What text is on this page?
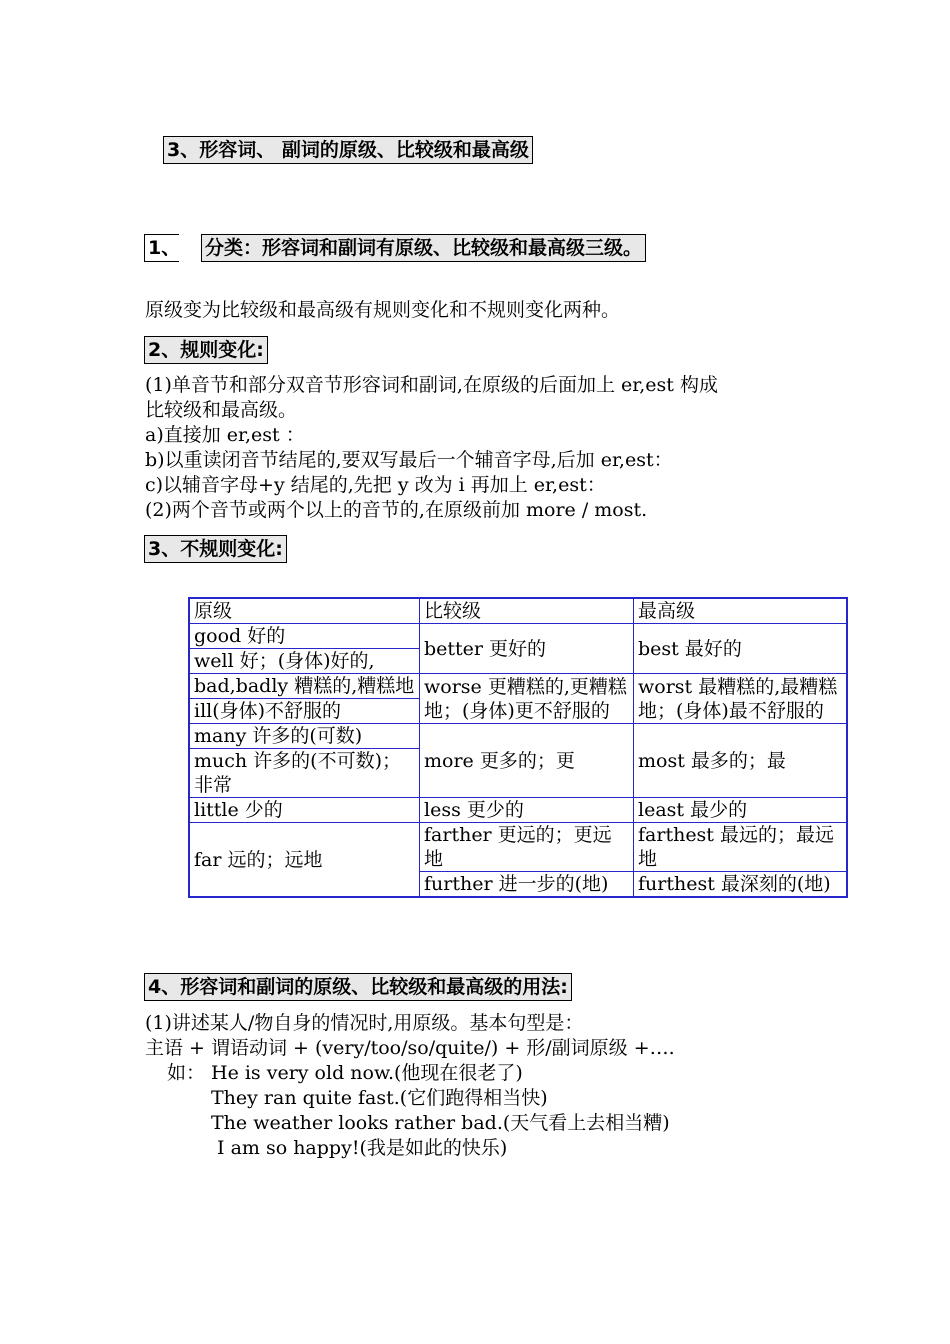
3、形容词、 副词的原级、比较级和最高级
1、 分类：形容词和副词有原级、比较级和最高级三级。
原级变为比较级和最高级有规则变化和不规则变化两种。
2、规则变化:
(1)单音节和部分双音节形容词和副词,在原级的后面加上 er,est 构成
比较级和最高级。
a)直接加 er,est ：
b)以重读闭音节结尾的,要双写最后一个辅音字母,后加 er,est：
c)以辅音字母+y 结尾的,先把 y 改为 i 再加上 er,est：
(2)两个音节或两个以上的音节的,在原级前加 more / most.
3、不规则变化:
原级	比较级	最高级
good 好的	better 更好的	best 最好的
well 好；(身体)好的,		
bad,badly 糟糕的,糟糕地	worse 更糟糕的,更糟糕地；(身体)更不舒服的	worst 最糟糕的,最糟糕地；(身体)最不舒服的
ill(身体)不舒服的		
many 许多的(可数)	more 更多的；更	most 最多的；最
much 许多的(不可数)；非常		
little 少的	less 更少的	least 最少的
far 远的；远地	farther 更远的；更远地	farthest 最远的；最远地
	further 进一步的(地)	furthest 最深刻的(地)
4、形容词和副词的原级、比较级和最高级的用法:
(1)讲述某人/物自身的情况时,用原级。基本句型是：
主语 + 谓语动词 + (very/too/so/quite/) + 形/副词原级 +….
如： He is very old now.(他现在很老了)
They ran quite fast.(它们跑得相当快)
The weather looks rather bad.(天气看上去相当糟)
I am so happy!(我是如此的快乐)
